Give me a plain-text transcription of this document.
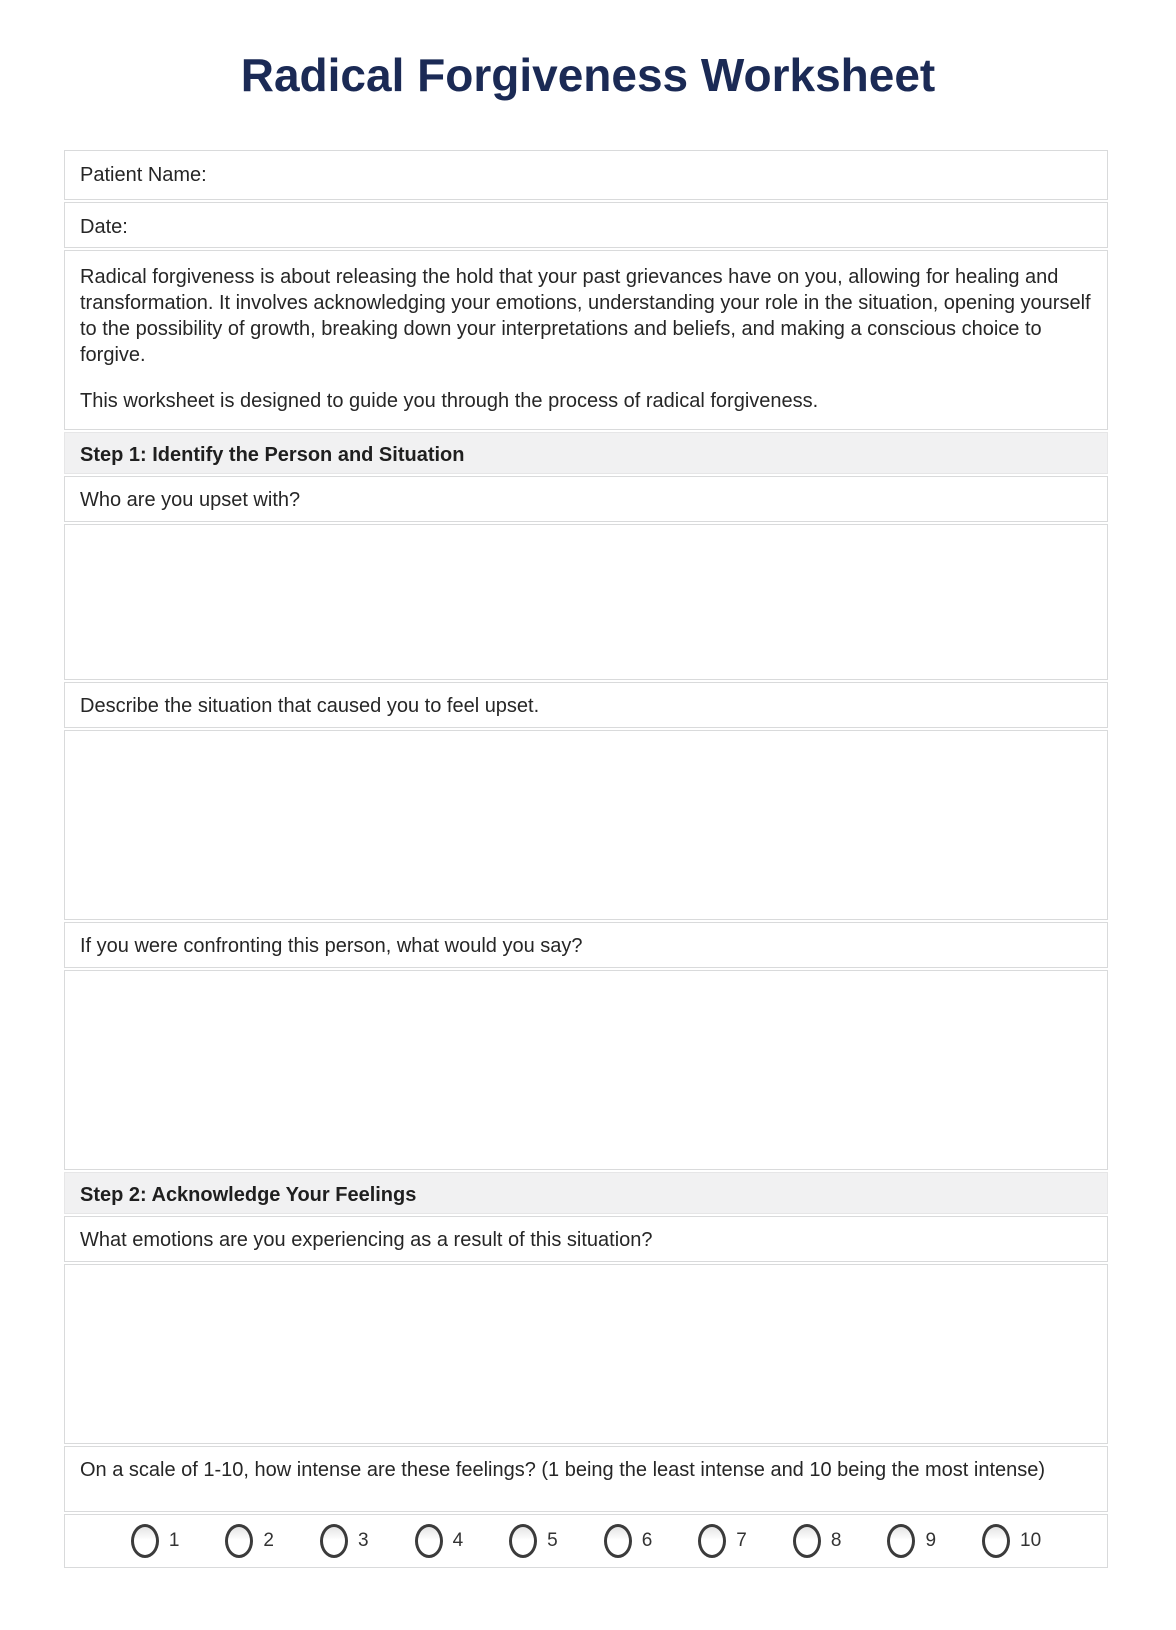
Radical Forgiveness Worksheet
Patient Name:
Date:

Radical forgiveness is about releasing the hold that your past grievances have on you, allowing for healing and transformation. It involves acknowledging your emotions, understanding your role in the situation, opening yourself to the possibility of growth, breaking down your interpretations and beliefs, and making a conscious choice to forgive.

This worksheet is designed to guide you through the process of radical forgiveness.

Step 1: Identify the Person and Situation
Who are you upset with?
Describe the situation that caused you to feel upset.
If you were confronting this person, what would you say?
Step 2: Acknowledge Your Feelings
What emotions are you experiencing as a result of this situation?
On a scale of 1-10, how intense are these feelings? (1 being the least intense and 10 being the most intense)
1	2	3	4	5	6	7	8	9	10
